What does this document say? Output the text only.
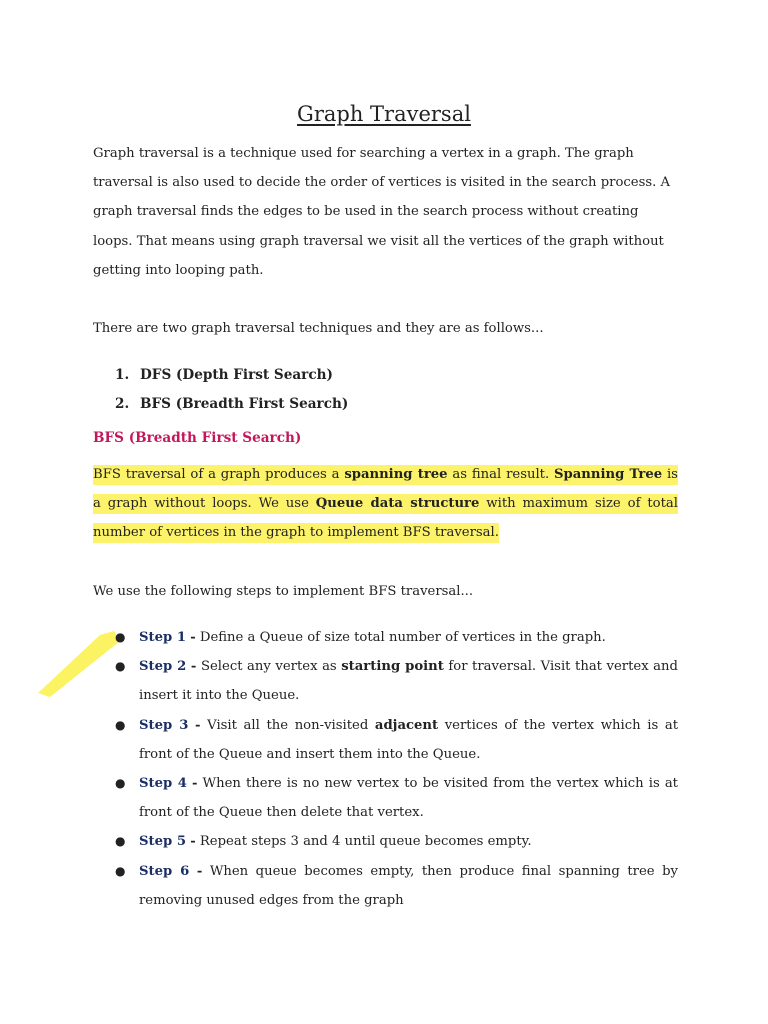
Graph Traversal
Graph traversal is a technique used for searching a vertex in a graph. The graph traversal is also used to decide the order of vertices is visited in the search process. A graph traversal finds the edges to be used in the search process without creating loops. That means using graph traversal we visit all the vertices of the graph without getting into looping path.
There are two graph traversal techniques and they are as follows...
1. DFS (Depth First Search)
2. BFS (Breadth First Search)
BFS (Breadth First Search)
BFS traversal of a graph produces a spanning tree as final result. Spanning Tree is a graph without loops. We use Queue data structure with maximum size of total number of vertices in the graph to implement BFS traversal.
We use the following steps to implement BFS traversal...
● Step 1 - Define a Queue of size total number of vertices in the graph.
● Step 2 - Select any vertex as starting point for traversal. Visit that vertex and insert it into the Queue.
● Step 3 - Visit all the non-visited adjacent vertices of the vertex which is at front of the Queue and insert them into the Queue.
● Step 4 - When there is no new vertex to be visited from the vertex which is at front of the Queue then delete that vertex.
● Step 5 - Repeat steps 3 and 4 until queue becomes empty.
● Step 6 - When queue becomes empty, then produce final spanning tree by removing unused edges from the graph
